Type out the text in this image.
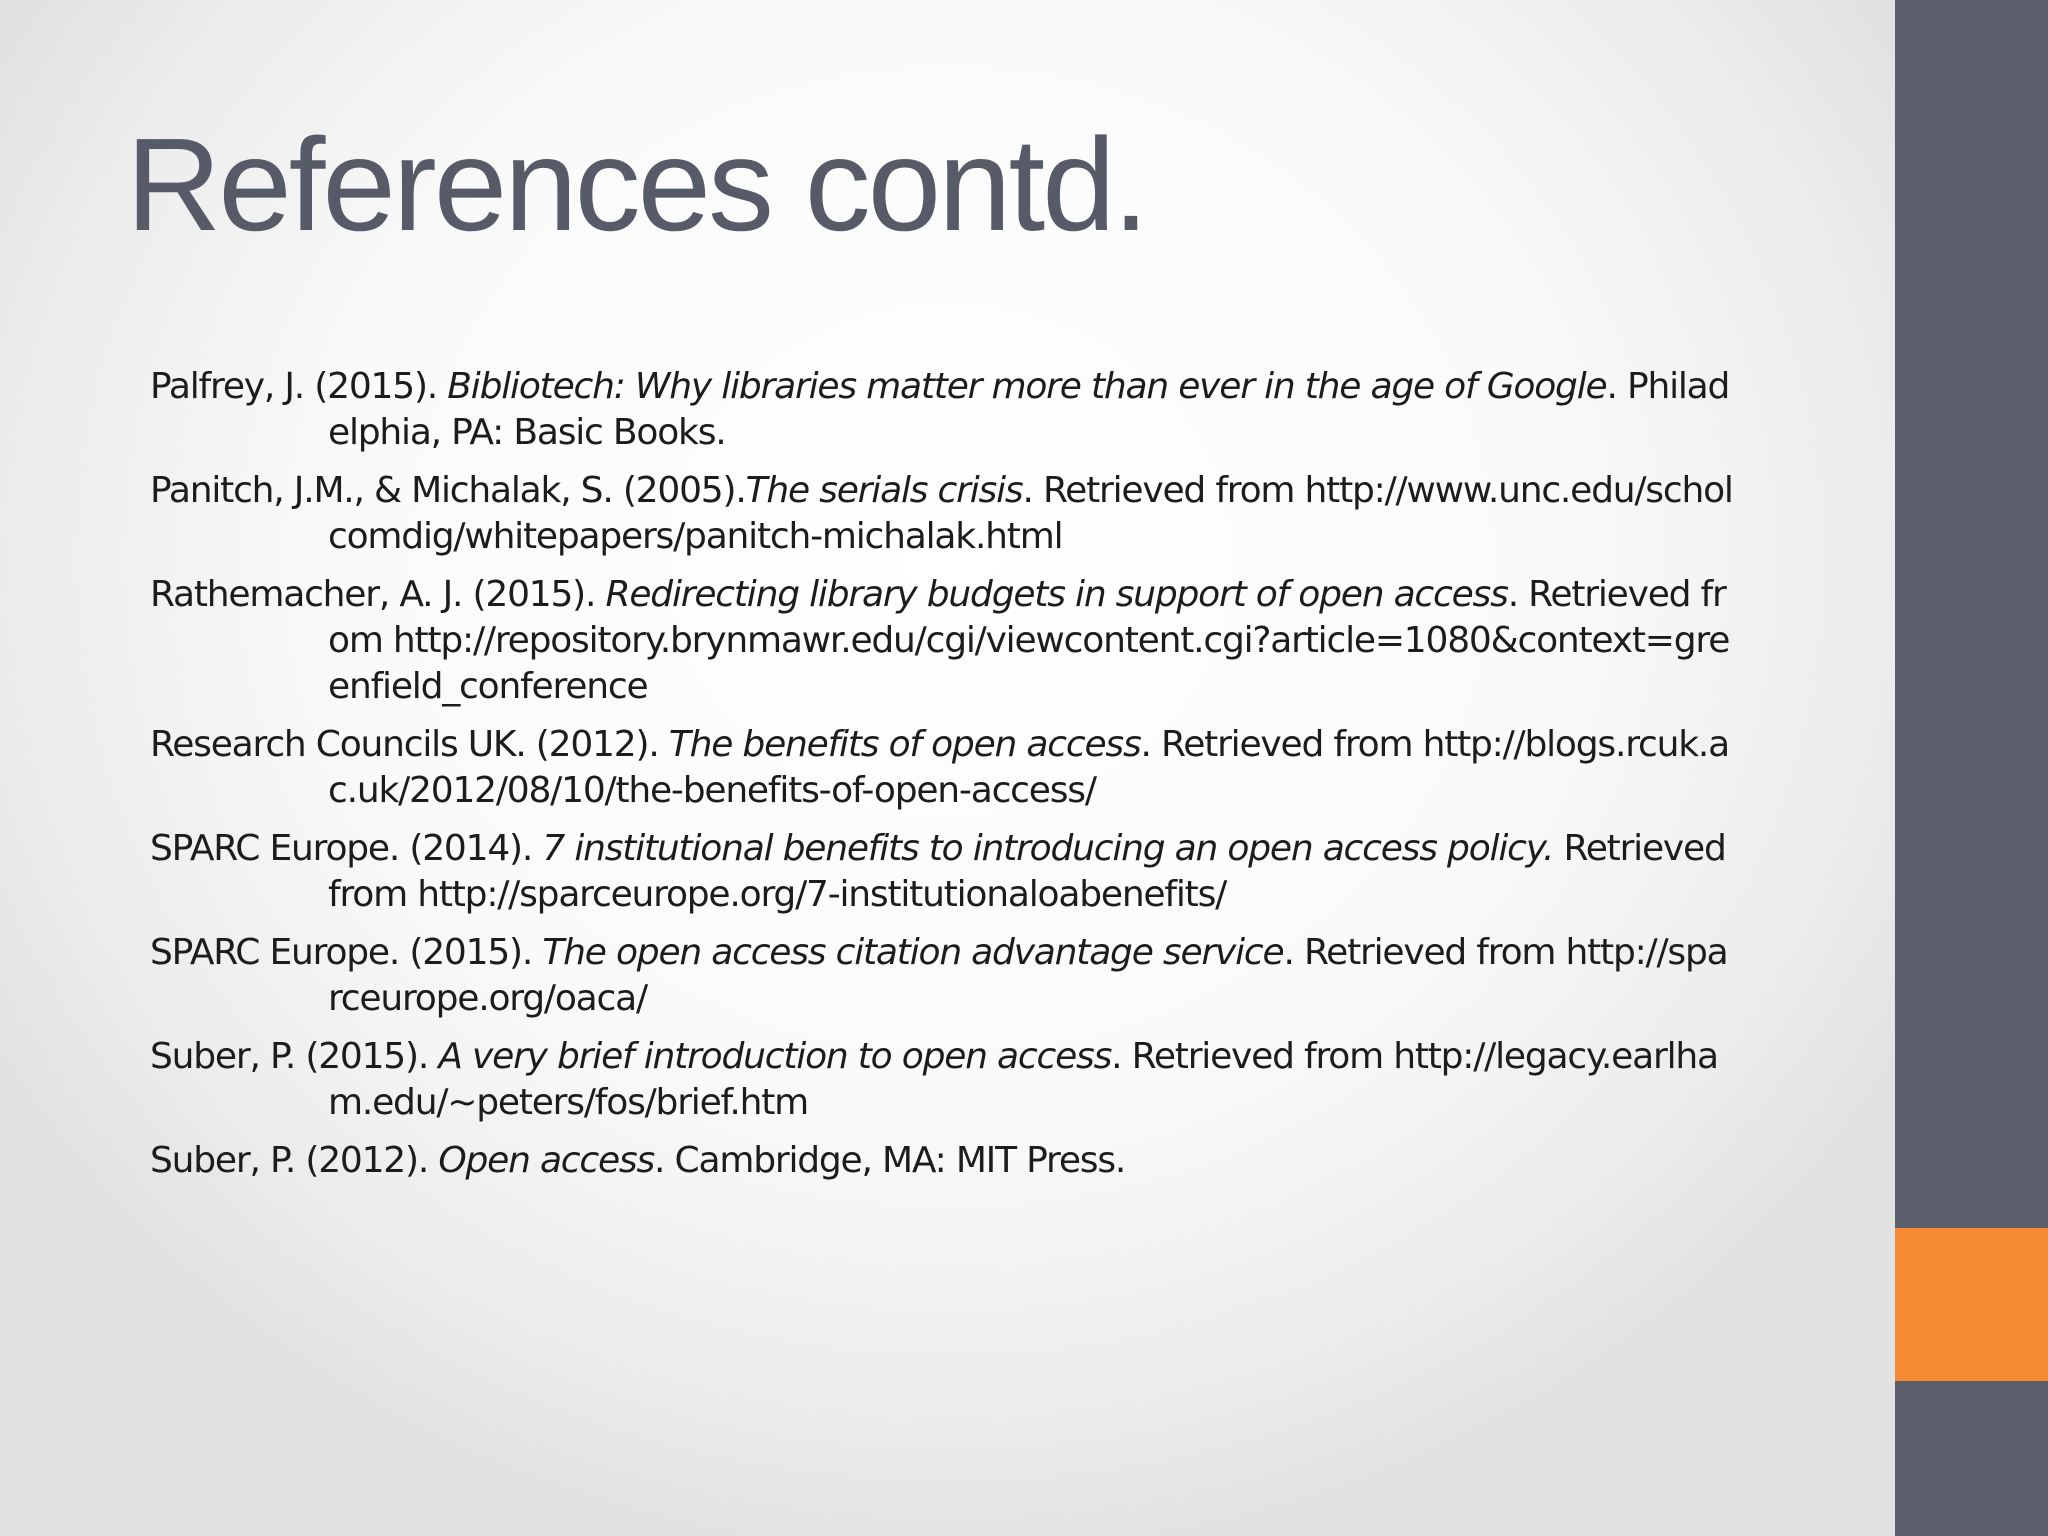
References contd.

Palfrey, J. (2015). Bibliotech: Why libraries matter more than ever in the age of Google. Philadelphia, PA: Basic Books.

Panitch, J.M., & Michalak, S. (2005).The serials crisis. Retrieved from http://www.unc.edu/scholcomdig/whitepapers/panitch-michalak.html

Rathemacher, A. J. (2015). Redirecting library budgets in support of open access. Retrieved from http://repository.brynmawr.edu/cgi/viewcontent.cgi?article=1080&context=greenfield_conference

Research Councils UK. (2012). The benefits of open access. Retrieved from http://blogs.rcuk.ac.uk/2012/08/10/the-benefits-of-open-access/

SPARC Europe. (2014). 7 institutional benefits to introducing an open access policy. Retrieved from http://sparceurope.org/7-institutionaloabenefits/

SPARC Europe. (2015). The open access citation advantage service. Retrieved from http://sparceurope.org/oaca/

Suber, P. (2015). A very brief introduction to open access. Retrieved from http://legacy.earlham.edu/~peters/fos/brief.htm

Suber, P. (2012). Open access. Cambridge, MA: MIT Press.
